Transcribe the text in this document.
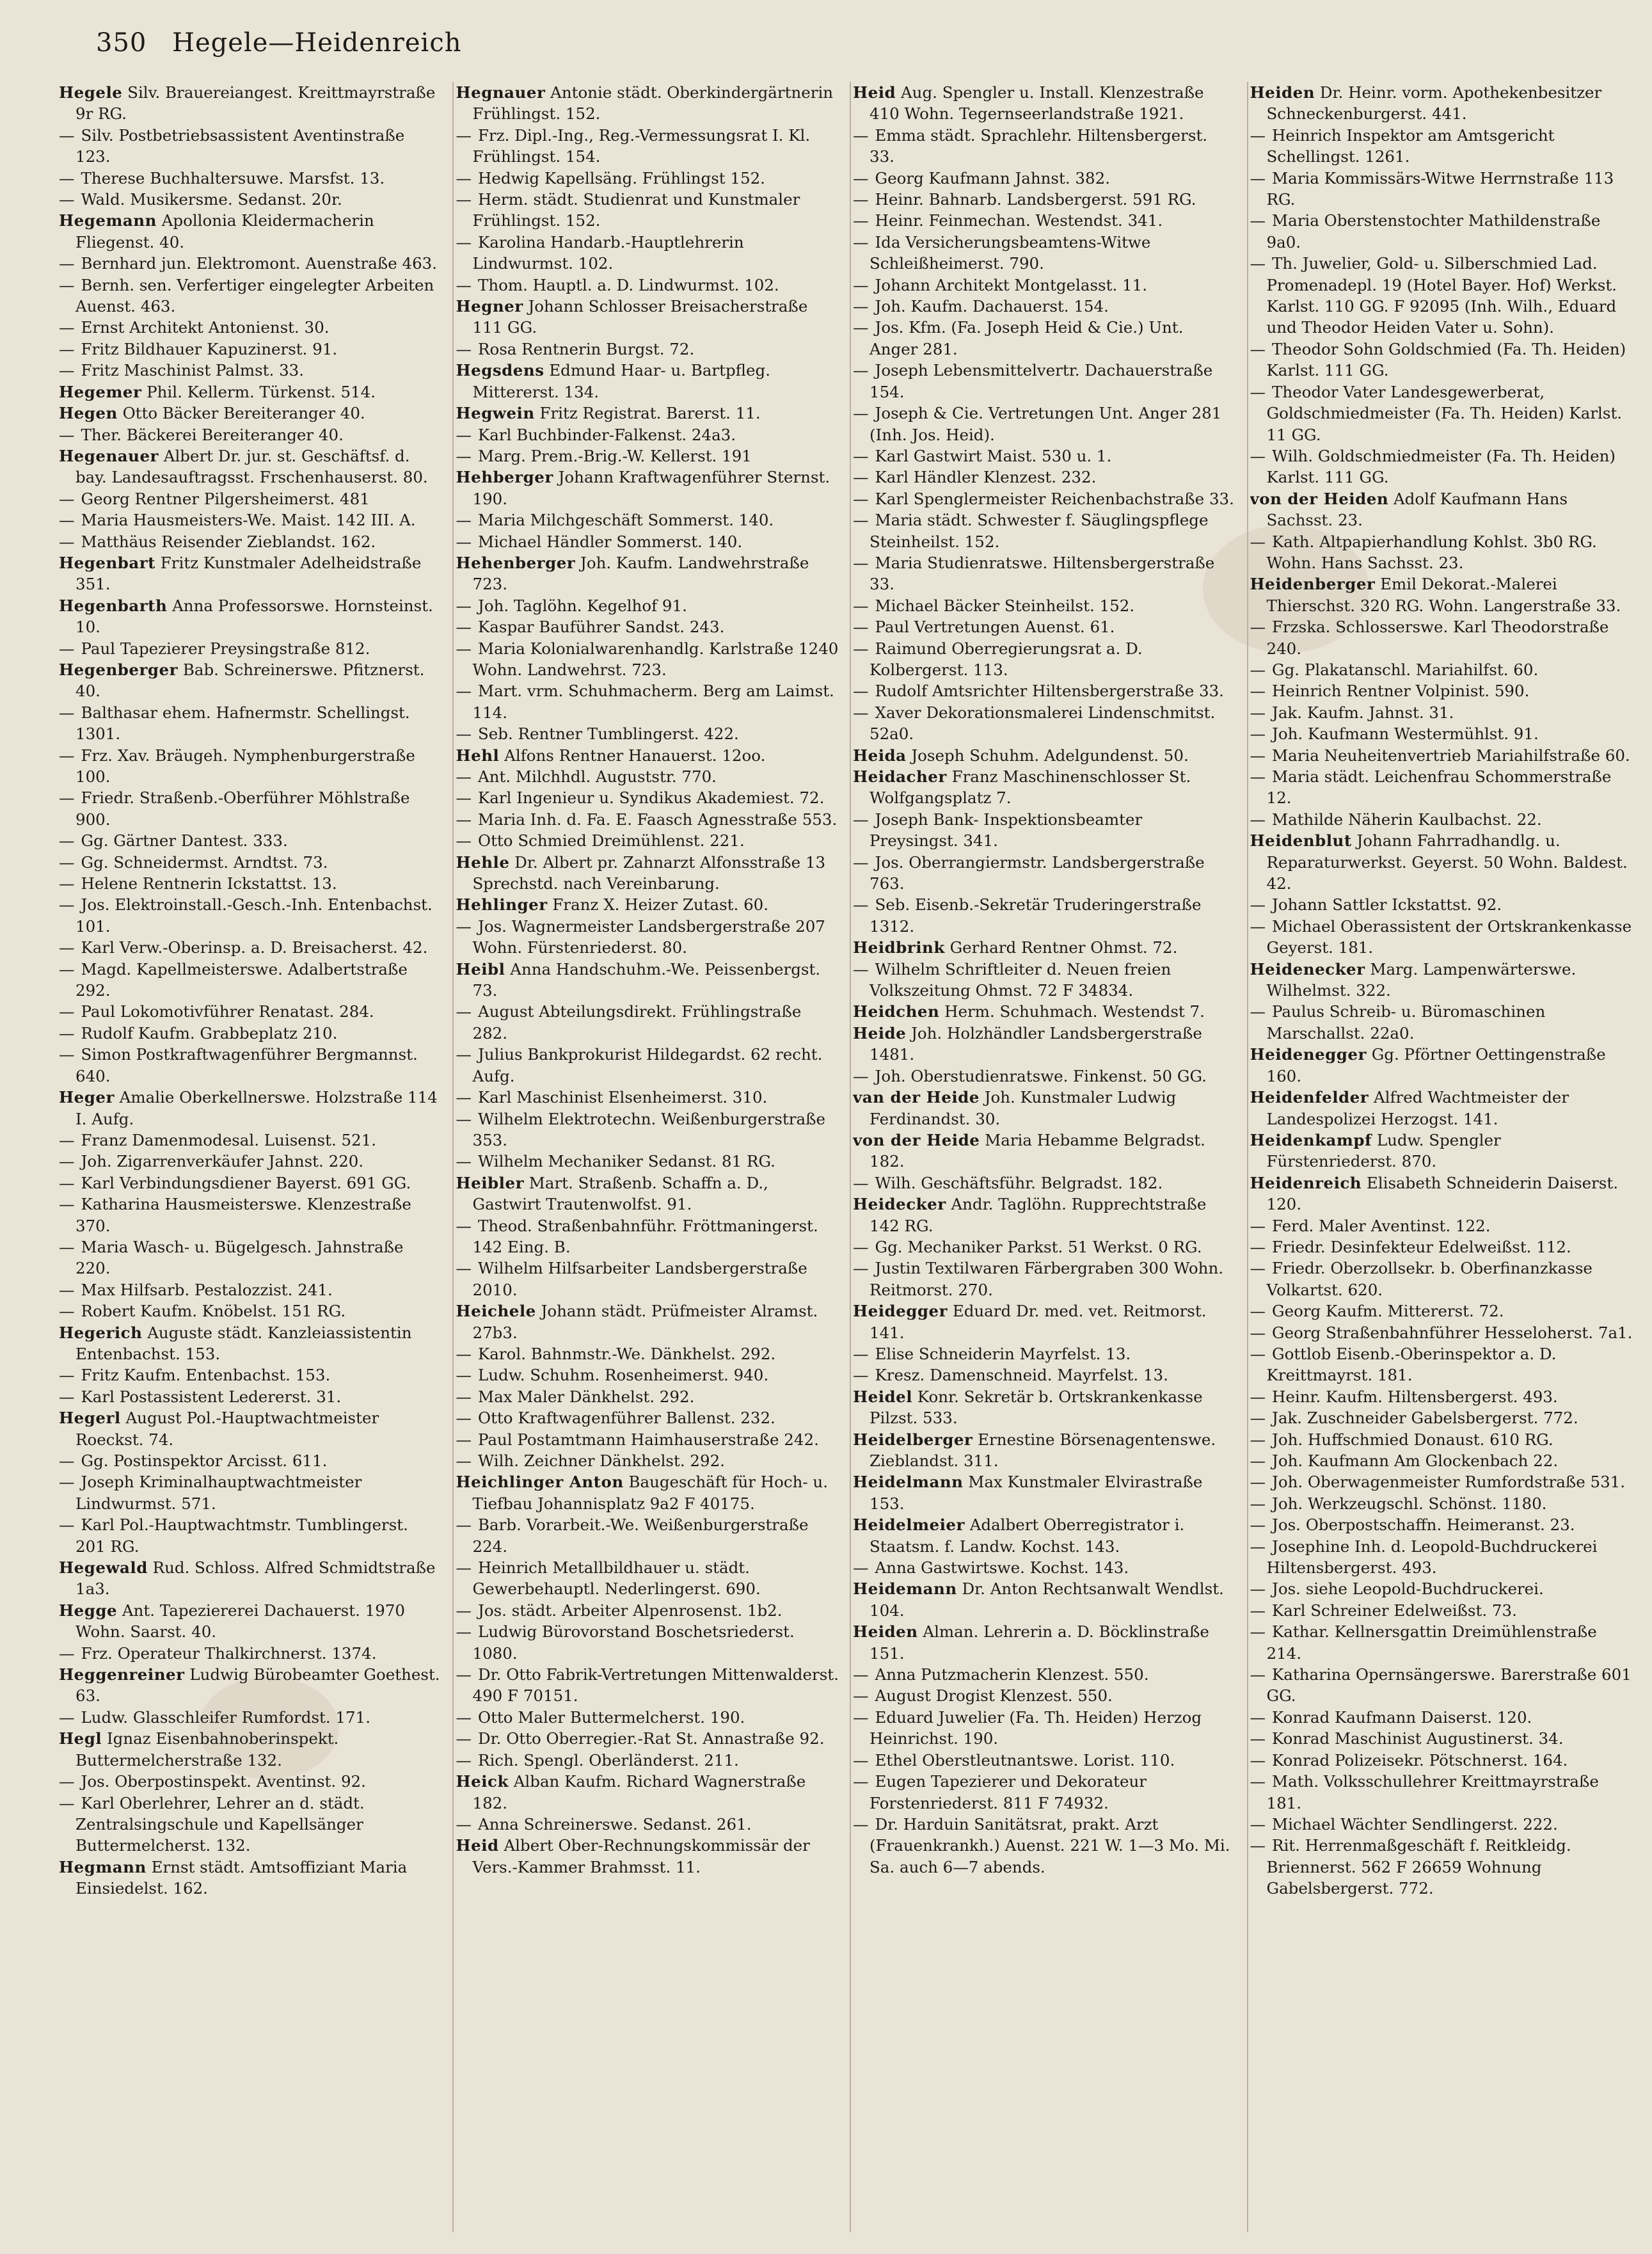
350 Hegele—Heidenreich
Hegele Silv. Brauereiangest. Kreittmayrstraße 9r RG.
— Silv. Postbetriebsassistent Aventinstraße 123.
— Therese Buchhaltersuwe. Marsfst. 13.
— Wald. Musikersme. Sedanst. 20r.
Hegemann Apollonia Kleidermacherin Fliegenst. 40.
— Bernhard jun. Elektromont. Auenstraße 463.
— Bernh. sen. Verfertiger eingelegter Arbeiten Auenst. 463.
— Ernst Architekt Antonienst. 30.
— Fritz Bildhauer Kapuzinerst. 91.
— Fritz Maschinist Palmst. 33.
Hegemer Phil. Kellerm. Türkenst. 514.
Hegen Otto Bäcker Bereiteranger 40.
— Ther. Bäckerei Bereiteranger 40.
Hegenauer Albert Dr. jur. st. Geschäftsf. d. bay. Landesauftragsst. Frschenhauserst. 80.
— Georg Rentner Pilgersheimerst. 481
— Maria Hausmeisters-We. Maist. 142 III. A.
— Matthäus Reisender Zieblandst. 162.
Hegenbart Fritz Kunstmaler Adelheidstraße 351.
Hegenbarth Anna Professorswe. Hornsteinst. 10.
— Paul Tapezierer Preysingstraße 812.
Hegenberger Bab. Schreinerswe. Pfitznerst. 40.
— Balthasar ehem. Hafnermstr. Schellingst. 1301.
— Frz. Xav. Bräugeh. Nymphenburgerstraße 100.
— Friedr. Straßenb.-Oberführer Möhlstraße 900.
— Gg. Gärtner Dantest. 333.
— Gg. Schneidermst. Arndtst. 73.
— Helene Rentnerin Ickstattst. 13.
— Jos. Elektroinstall.-Gesch.-Inh. Entenbachst. 101.
— Karl Verw.-Oberinsp. a. D. Breisacherst. 42.
— Magd. Kapellmeisterswe. Adalbertstraße 292.
— Paul Lokomotivführer Renatast. 284.
— Rudolf Kaufm. Grabbeplatz 210.
— Simon Postkraftwagenführer Bergmannst. 640.
Heger Amalie Oberkellnerswe. Holzstraße 114 I. Aufg.
— Franz Damenmodesal. Luisenst. 521.
— Joh. Zigarrenverkäufer Jahnst. 220.
— Karl Verbindungsdiener Bayerst. 691 GG.
— Katharina Hausmeisterswe. Klenzestraße 370.
— Maria Wasch- u. Bügelgesch. Jahnstraße 220.
— Max Hilfsarb. Pestalozzist. 241.
— Robert Kaufm. Knöbelst. 151 RG.
Hegerich Auguste städt. Kanzleiassistentin Entenbachst. 153.
— Fritz Kaufm. Entenbachst. 153.
— Karl Postassistent Ledererst. 31.
Hegerl August Pol.-Hauptwachtmeister Roeckst. 74.
— Gg. Postinspektor Arcisst. 611.
— Joseph Kriminalhauptwachtmeister Lindwurmst. 571.
— Karl Pol.-Hauptwachtmstr. Tumblingerst. 201 RG.
Hegewald Rud. Schloss. Alfred Schmidtstraße 1a3.
Hegge Ant. Tapeziererei Dachauerst. 1970 Wohn. Saarst. 40.
— Frz. Operateur Thalkirchnerst. 1374.
Heggenreiner Ludwig Bürobeamter Goethest. 63.
— Ludw. Glasschleifer Rumfordst. 171.
Hegl Ignaz Eisenbahnoberinspekt. Buttermelcherstraße 132.
— Jos. Oberpostinspekt. Aventinst. 92.
— Karl Oberlehrer, Lehrer an d. städt. Zentralsingschule und Kapellsänger Buttermelcherst. 132.
Hegmann Ernst städt. Amtsoffiziant Maria Einsiedelst. 162.
Hegnauer Antonie städt. Oberkindergärtnerin Frühlingst. 152.
— Frz. Dipl.-Ing., Reg.-Vermessungsrat I. Kl. Frühlingst. 154.
— Hedwig Kapellsäng. Frühlingst 152.
— Herm. städt. Studienrat und Kunstmaler Frühlingst. 152.
— Karolina Handarb.-Hauptlehrerin Lindwurmst. 102.
— Thom. Hauptl. a. D. Lindwurmst. 102.
Hegner Johann Schlosser Breisacherstraße 111 GG.
— Rosa Rentnerin Burgst. 72.
Hegsdens Edmund Haar- u. Bartpfleg. Mittererst. 134.
Hegwein Fritz Registrat. Barerst. 11.
— Karl Buchbinder-Falkenst. 24a3.
— Marg. Prem.-Brig.-W. Kellerst. 191
Hehberger Johann Kraftwagenführer Sternst. 190.
— Maria Milchgeschäft Sommerst. 140.
— Michael Händler Sommerst. 140.
Hehenberger Joh. Kaufm. Landwehrstraße 723.
— Joh. Taglöhn. Kegelhof 91.
— Kaspar Bauführer Sandst. 243.
— Maria Kolonialwarenhandlg. Karlstraße 1240 Wohn. Landwehrst. 723.
— Mart. vrm. Schuhmacherm. Berg am Laimst. 114.
— Seb. Rentner Tumblingerst. 422.
Hehl Alfons Rentner Hanauerst. 12oo.
— Ant. Milchhdl. Auguststr. 770.
— Karl Ingenieur u. Syndikus Akademiest. 72.
— Maria Inh. d. Fa. E. Faasch Agnesstraße 553.
— Otto Schmied Dreimühlenst. 221.
Hehle Dr. Albert pr. Zahnarzt Alfonsstraße 13 Sprechstd. nach Vereinbarung.
Hehlinger Franz X. Heizer Zutast. 60.
— Jos. Wagnermeister Landsbergerstraße 207 Wohn. Fürstenriederst. 80.
Heibl Anna Handschuhm.-We. Peissenbergst. 73.
— August Abteilungsdirekt. Frühlingstraße 282.
— Julius Bankprokurist Hildegardst. 62 recht. Aufg.
— Karl Maschinist Elsenheimerst. 310.
— Wilhelm Elektrotechn. Weißenburgerstraße 353.
— Wilhelm Mechaniker Sedanst. 81 RG.
Heibler Mart. Straßenb. Schaffn a. D., Gastwirt Trautenwolfst. 91.
— Theod. Straßenbahnführ. Fröttmaningerst. 142 Eing. B.
— Wilhelm Hilfsarbeiter Landsbergerstraße 2010.
Heichele Johann städt. Prüfmeister Alramst. 27b3.
— Karol. Bahnmstr.-We. Dänkhelst. 292.
— Ludw. Schuhm. Rosenheimerst. 940.
— Max Maler Dänkhelst. 292.
— Otto Kraftwagenführer Ballenst. 232.
— Paul Postamtmann Haimhauserstraße 242.
— Wilh. Zeichner Dänkhelst. 292.
Heichlinger Anton Baugeschäft für Hoch- u. Tiefbau Johannisplatz 9a2 F 40175.
— Barb. Vorarbeit.-We. Weißenburgerstraße 224.
— Heinrich Metallbildhauer u. städt. Gewerbehauptl. Nederlingerst. 690.
— Jos. städt. Arbeiter Alpenrosenst. 1b2.
— Ludwig Bürovorstand Boschetsriederst. 1080.
— Dr. Otto Fabrik-Vertretungen Mittenwalderst. 490 F 70151.
— Otto Maler Buttermelcherst. 190.
— Dr. Otto Oberregier.-Rat St. Annastraße 92.
— Rich. Spengl. Oberländerst. 211.
Heick Alban Kaufm. Richard Wagnerstraße 182.
— Anna Schreinerswe. Sedanst. 261.
Heid Albert Ober-Rechnungskommissär der Vers.-Kammer Brahmsst. 11.
Heid Aug. Spengler u. Install. Klenzestraße 410 Wohn. Tegernseerlandstraße 1921.
— Emma städt. Sprachlehr. Hiltensbergerst. 33.
— Georg Kaufmann Jahnst. 382.
— Heinr. Bahnarb. Landsbergerst. 591 RG.
— Heinr. Feinmechan. Westendst. 341.
— Ida Versicherungsbeamtens-Witwe Schleißheimerst. 790.
— Johann Architekt Montgelasst. 11.
— Joh. Kaufm. Dachauerst. 154.
— Jos. Kfm. (Fa. Joseph Heid & Cie.) Unt. Anger 281.
— Joseph Lebensmittelvertr. Dachauerstraße 154.
— Joseph & Cie. Vertretungen Unt. Anger 281 (Inh. Jos. Heid).
— Karl Gastwirt Maist. 530 u. 1.
— Karl Händler Klenzest. 232.
— Karl Spenglermeister Reichenbachstraße 33.
— Maria städt. Schwester f. Säuglingspflege Steinheilst. 152.
— Maria Studienratswe. Hiltensbergerstraße 33.
— Michael Bäcker Steinheilst. 152.
— Paul Vertretungen Auenst. 61.
— Raimund Oberregierungsrat a. D. Kolbergerst. 113.
— Rudolf Amtsrichter Hiltensbergerstraße 33.
— Xaver Dekorationsmalerei Lindenschmitst. 52a0.
Heida Joseph Schuhm. Adelgundenst. 50.
Heidacher Franz Maschinenschlosser St. Wolfgangsplatz 7.
— Joseph Bank- Inspektionsbeamter Preysingst. 341.
— Jos. Oberrangiermstr. Landsbergerstraße 763.
— Seb. Eisenb.-Sekretär Truderingerstraße 1312.
Heidbrink Gerhard Rentner Ohmst. 72.
— Wilhelm Schriftleiter d. Neuen freien Volkszeitung Ohmst. 72 F 34834.
Heidchen Herm. Schuhmach. Westendst 7.
Heide Joh. Holzhändler Landsbergerstraße 1481.
— Joh. Oberstudienratswe. Finkenst. 50 GG.
van der Heide Joh. Kunstmaler Ludwig Ferdinandst. 30.
von der Heide Maria Hebamme Belgradst. 182.
— Wilh. Geschäftsführ. Belgradst. 182.
Heidecker Andr. Taglöhn. Rupprechtstraße 142 RG.
— Gg. Mechaniker Parkst. 51 Werkst. 0 RG.
— Justin Textilwaren Färbergraben 300 Wohn. Reitmorst. 270.
Heidegger Eduard Dr. med. vet. Reitmorst. 141.
— Elise Schneiderin Mayrfelst. 13.
— Kresz. Damenschneid. Mayrfelst. 13.
Heidel Konr. Sekretär b. Ortskrankenkasse Pilzst. 533.
Heidelberger Ernestine Börsenagentenswe. Zieblandst. 311.
Heidelmann Max Kunstmaler Elvirastraße 153.
Heidelmeier Adalbert Oberregistrator i. Staatsm. f. Landw. Kochst. 143.
— Anna Gastwirtswe. Kochst. 143.
Heidemann Dr. Anton Rechtsanwalt Wendlst. 104.
Heiden Alman. Lehrerin a. D. Böcklinstraße 151.
— Anna Putzmacherin Klenzest. 550.
— August Drogist Klenzest. 550.
— Eduard Juwelier (Fa. Th. Heiden) Herzog Heinrichst. 190.
— Ethel Oberstleutnantswe. Lorist. 110.
— Eugen Tapezierer und Dekorateur Forstenriederst. 811 F 74932.
— Dr. Harduin Sanitätsrat, prakt. Arzt (Frauenkrankh.) Auenst. 221 W. 1—3 Mo. Mi. Sa. auch 6—7 abends.
Heiden Dr. Heinr. vorm. Apothekenbesitzer Schneckenburgerst. 441.
— Heinrich Inspektor am Amtsgericht Schellingst. 1261.
— Maria Kommissärs-Witwe Herrnstraße 113 RG.
— Maria Oberstenstochter Mathildenstraße 9a0.
— Th. Juwelier, Gold- u. Silberschmied Lad. Promenadepl. 19 (Hotel Bayer. Hof) Werkst. Karlst. 110 GG. F 92095 (Inh. Wilh., Eduard und Theodor Heiden Vater u. Sohn).
— Theodor Sohn Goldschmied (Fa. Th. Heiden) Karlst. 111 GG.
— Theodor Vater Landesgewerberat, Goldschmiedmeister (Fa. Th. Heiden) Karlst. 11 GG.
— Wilh. Goldschmiedmeister (Fa. Th. Heiden) Karlst. 111 GG.
von der Heiden Adolf Kaufmann Hans Sachsst. 23.
— Kath. Altpapierhandlung Kohlst. 3b0 RG. Wohn. Hans Sachsst. 23.
Heidenberger Emil Dekorat.-Malerei Thierschst. 320 RG. Wohn. Langerstraße 33.
— Frzska. Schlosserswe. Karl Theodorstraße 240.
— Gg. Plakatanschl. Mariahilfst. 60.
— Heinrich Rentner Volpinist. 590.
— Jak. Kaufm. Jahnst. 31.
— Joh. Kaufmann Westermühlst. 91.
— Maria Neuheitenvertrieb Mariahilfstraße 60.
— Maria städt. Leichenfrau Schommerstraße 12.
— Mathilde Näherin Kaulbachst. 22.
Heidenblut Johann Fahrradhandlg. u. Reparaturwerkst. Geyerst. 50 Wohn. Baldest. 42.
— Johann Sattler Ickstattst. 92.
— Michael Oberassistent der Ortskrankenkasse Geyerst. 181.
Heidenecker Marg. Lampenwärterswe. Wilhelmst. 322.
— Paulus Schreib- u. Büromaschinen Marschallst. 22a0.
Heidenegger Gg. Pförtner Oettingenstraße 160.
Heidenfelder Alfred Wachtmeister der Landespolizei Herzogst. 141.
Heidenkampf Ludw. Spengler Fürstenriederst. 870.
Heidenreich Elisabeth Schneiderin Daiserst. 120.
— Ferd. Maler Aventinst. 122.
— Friedr. Desinfekteur Edelweißst. 112.
— Friedr. Oberzollsekr. b. Oberfinanzkasse Volkartst. 620.
— Georg Kaufm. Mittererst. 72.
— Georg Straßenbahnführer Hesseloherst. 7a1.
— Gottlob Eisenb.-Oberinspektor a. D. Kreittmayrst. 181.
— Heinr. Kaufm. Hiltensbergerst. 493.
— Jak. Zuschneider Gabelsbergerst. 772.
— Joh. Huffschmied Donaust. 610 RG.
— Joh. Kaufmann Am Glockenbach 22.
— Joh. Oberwagenmeister Rumfordstraße 531.
— Joh. Werkzeugschl. Schönst. 1180.
— Jos. Oberpostschaffn. Heimeranst. 23.
— Josephine Inh. d. Leopold-Buchdruckerei Hiltensbergerst. 493.
— Jos. siehe Leopold-Buchdruckerei.
— Karl Schreiner Edelweißst. 73.
— Kathar. Kellnersgattin Dreimühlenstraße 214.
— Katharina Opernsängerswe. Barerstraße 601 GG.
— Konrad Kaufmann Daiserst. 120.
— Konrad Maschinist Augustinerst. 34.
— Konrad Polizeisekr. Pötschnerst. 164.
— Math. Volksschullehrer Kreittmayrstraße 181.
— Michael Wächter Sendlingerst. 222.
— Rit. Herrenmaßgeschäft f. Reitkleidg. Briennerst. 562 F 26659 Wohnung Gabelsbergerst. 772.
